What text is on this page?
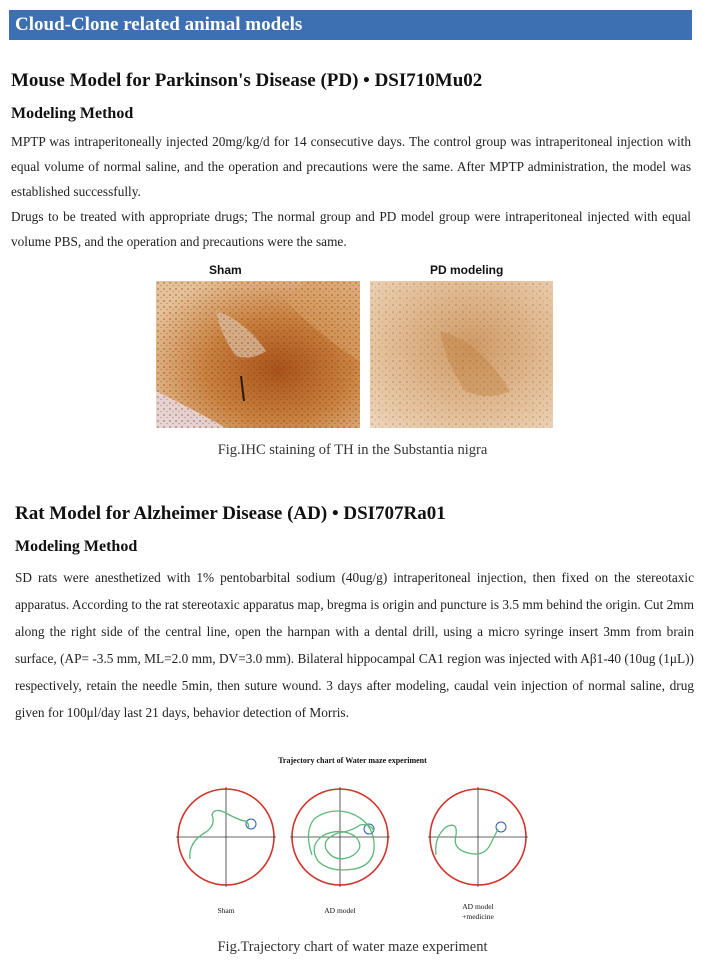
Cloud-Clone related animal models
Mouse Model for Parkinson's Disease (PD) • DSI710Mu02
Modeling Method

MPTP was intraperitoneally injected 20mg/kg/d for 14 consecutive days. The control group was intraperitoneal injection with equal volume of normal saline, and the operation and precautions were the same. After MPTP administration, the model was established successfully.

Drugs to be treated with appropriate drugs; The normal group and PD model group were intraperitoneal injected with equal volume PBS, and the operation and precautions were the same.

Sham	PD modeling
Fig.IHC staining of TH in the Substantia nigra
Rat Model for Alzheimer Disease (AD) • DSI707Ra01
Modeling Method

SD rats were anesthetized with 1% pentobarbital sodium (40ug/g) intraperitoneal injection, then fixed on the stereotaxic apparatus. According to the rat stereotaxic apparatus map, bregma is origin and puncture is 3.5 mm behind the origin. Cut 2mm along the right side of the central line, open the harnpan with a dental drill, using a micro syringe insert 3mm from brain surface, (AP= -3.5 mm, ML=2.0 mm, DV=3.0 mm). Bilateral hippocampal CA1 region was injected with Aβ1-40 (10ug (1μL)) respectively, retain the needle 5min, then suture wound. 3 days after modeling, caudal vein injection of normal saline, drug given for 100μl/day last 21 days, behavior detection of Morris.

Trajectory chart of Water maze experiment
Sham	AD model	AD model
+medicine
Fig.Trajectory chart of water maze experiment
